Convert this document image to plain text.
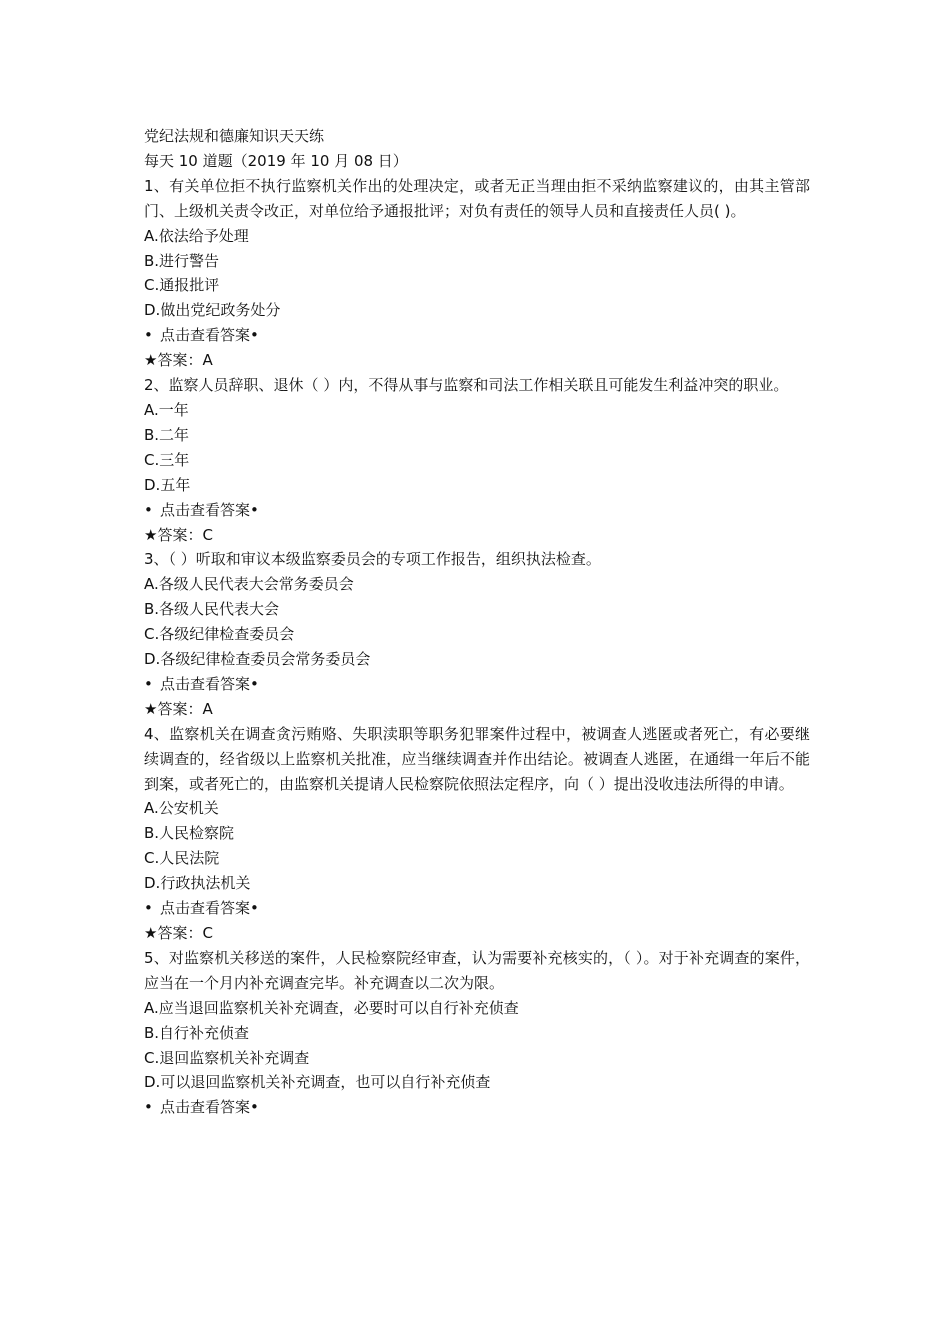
党纪法规和德廉知识天天练

每天 10 道题（2019 年 10 月 08 日）

1、有关单位拒不执行监察机关作出的处理决定，或者无正当理由拒不采纳监察建议的，由其主管部门、上级机关责令改正，对单位给予通报批评；对负有责任的领导人员和直接责任人员( )。

A.依法给予处理

B.进行警告

C.通报批评

D.做出党纪政务处分

• 点击查看答案•

★答案：A

2、监察人员辞职、退休（ ）内，不得从事与监察和司法工作相关联且可能发生利益冲突的职业。

A.一年

B.二年

C.三年

D.五年

• 点击查看答案•

★答案：C

3、（ ）听取和审议本级监察委员会的专项工作报告，组织执法检查。

A.各级人民代表大会常务委员会

B.各级人民代表大会

C.各级纪律检查委员会

D.各级纪律检查委员会常务委员会

• 点击查看答案•

★答案：A

4、监察机关在调查贪污贿赂、失职渎职等职务犯罪案件过程中，被调查人逃匿或者死亡，有必要继续调查的，经省级以上监察机关批准，应当继续调查并作出结论。被调查人逃匿，在通缉一年后不能到案，或者死亡的，由监察机关提请人民检察院依照法定程序，向（ ）提出没收违法所得的申请。

A.公安机关

B.人民检察院

C.人民法院

D.行政执法机关

• 点击查看答案•

★答案：C

5、对监察机关移送的案件，人民检察院经审查，认为需要补充核实的，（ ）。对于补充调查的案件，应当在一个月内补充调查完毕。补充调查以二次为限。

A.应当退回监察机关补充调查，必要时可以自行补充侦查

B.自行补充侦查

C.退回监察机关补充调查

D.可以退回监察机关补充调查，也可以自行补充侦查

• 点击查看答案•
